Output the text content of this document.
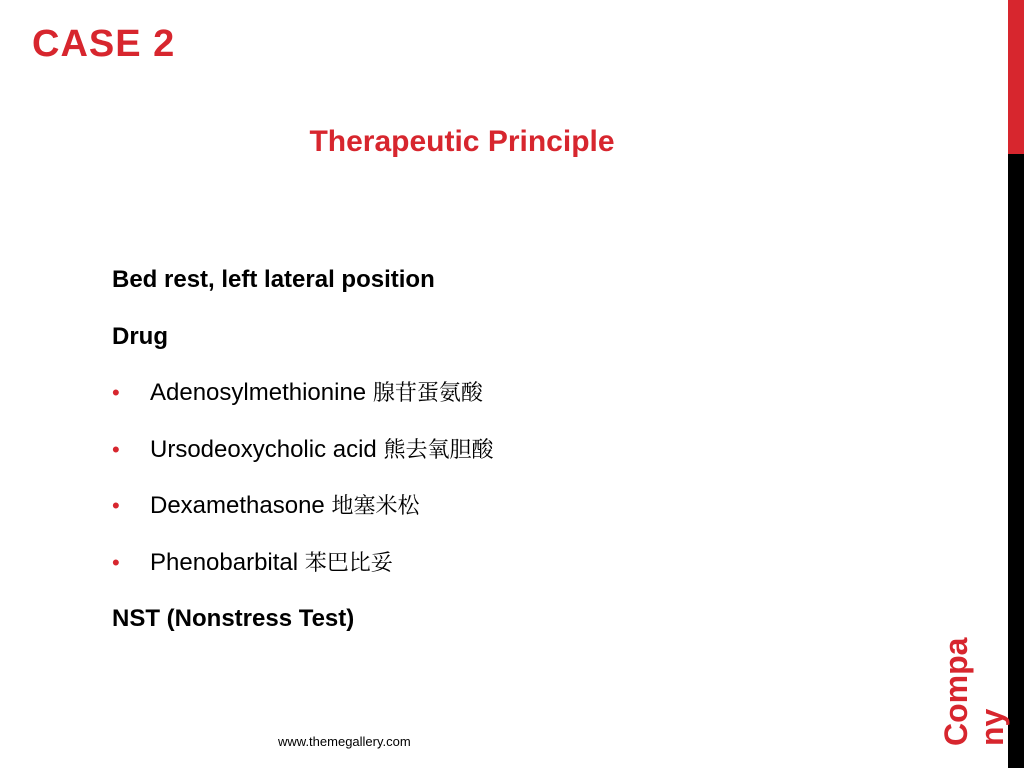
CASE 2
Therapeutic Principle
Bed rest, left lateral position
Drug
• Adenosylmethionine 腺苷蛋氨酸
• Ursodeoxycholic acid 熊去氧胆酸
• Dexamethasone 地塞米松
• Phenobarbital 苯巴比妥
NST (Nonstress Test)
www.themegallery.com	Company
